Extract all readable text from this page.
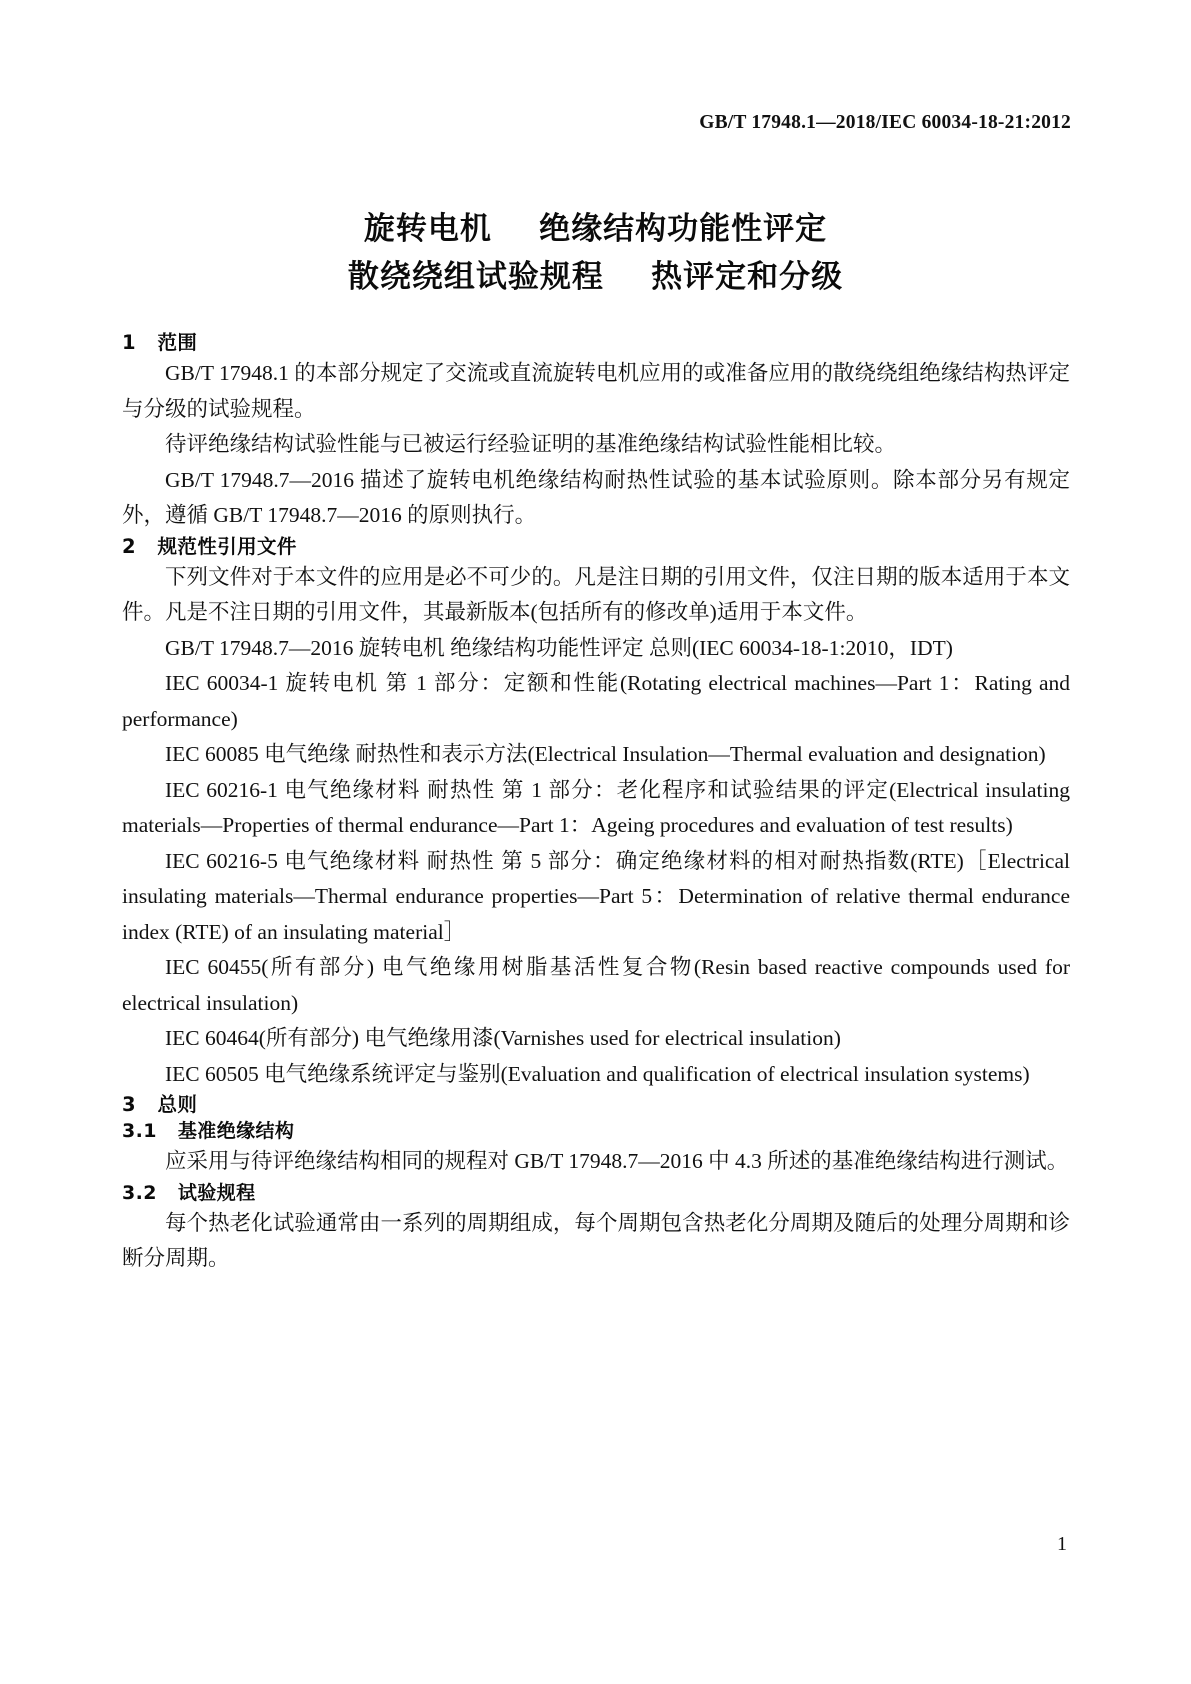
GB/T 17948.1—2018/IEC 60034-18-21:2012
旋转电机    绝缘结构功能性评定
散绕绕组试验规程    热评定和分级
1   范围

GB/T 17948.1 的本部分规定了交流或直流旋转电机应用的或准备应用的散绕绕组绝缘结构热评定与分级的试验规程。

待评绝缘结构试验性能与已被运行经验证明的基准绝缘结构试验性能相比较。

GB/T 17948.7—2016 描述了旋转电机绝缘结构耐热性试验的基本试验原则。除本部分另有规定外，遵循 GB/T 17948.7—2016 的原则执行。

2   规范性引用文件

下列文件对于本文件的应用是必不可少的。凡是注日期的引用文件，仅注日期的版本适用于本文件。凡是不注日期的引用文件，其最新版本(包括所有的修改单)适用于本文件。

GB/T 17948.7—2016 旋转电机 绝缘结构功能性评定 总则(IEC 60034-18-1:2010，IDT)

IEC 60034-1 旋转电机 第 1 部分：定额和性能(Rotating electrical machines—Part 1：Rating and performance)

IEC 60085 电气绝缘 耐热性和表示方法(Electrical Insulation—Thermal evaluation and designation)

IEC 60216-1 电气绝缘材料 耐热性 第 1 部分：老化程序和试验结果的评定(Electrical insulating materials—Properties of thermal endurance—Part 1：Ageing procedures and evaluation of test results)

IEC 60216-5 电气绝缘材料 耐热性 第 5 部分：确定绝缘材料的相对耐热指数(RTE)［Electrical insulating materials—Thermal endurance properties—Part 5：Determination of relative thermal endurance index (RTE) of an insulating material］

IEC 60455(所有部分) 电气绝缘用树脂基活性复合物(Resin based reactive compounds used for electrical insulation)

IEC 60464(所有部分) 电气绝缘用漆(Varnishes used for electrical insulation)

IEC 60505 电气绝缘系统评定与鉴别(Evaluation and qualification of electrical insulation systems)

3   总则
3.1   基准绝缘结构

应采用与待评绝缘结构相同的规程对 GB/T 17948.7—2016 中 4.3 所述的基准绝缘结构进行测试。

3.2   试验规程

每个热老化试验通常由一系列的周期组成，每个周期包含热老化分周期及随后的处理分周期和诊断分周期。

1
